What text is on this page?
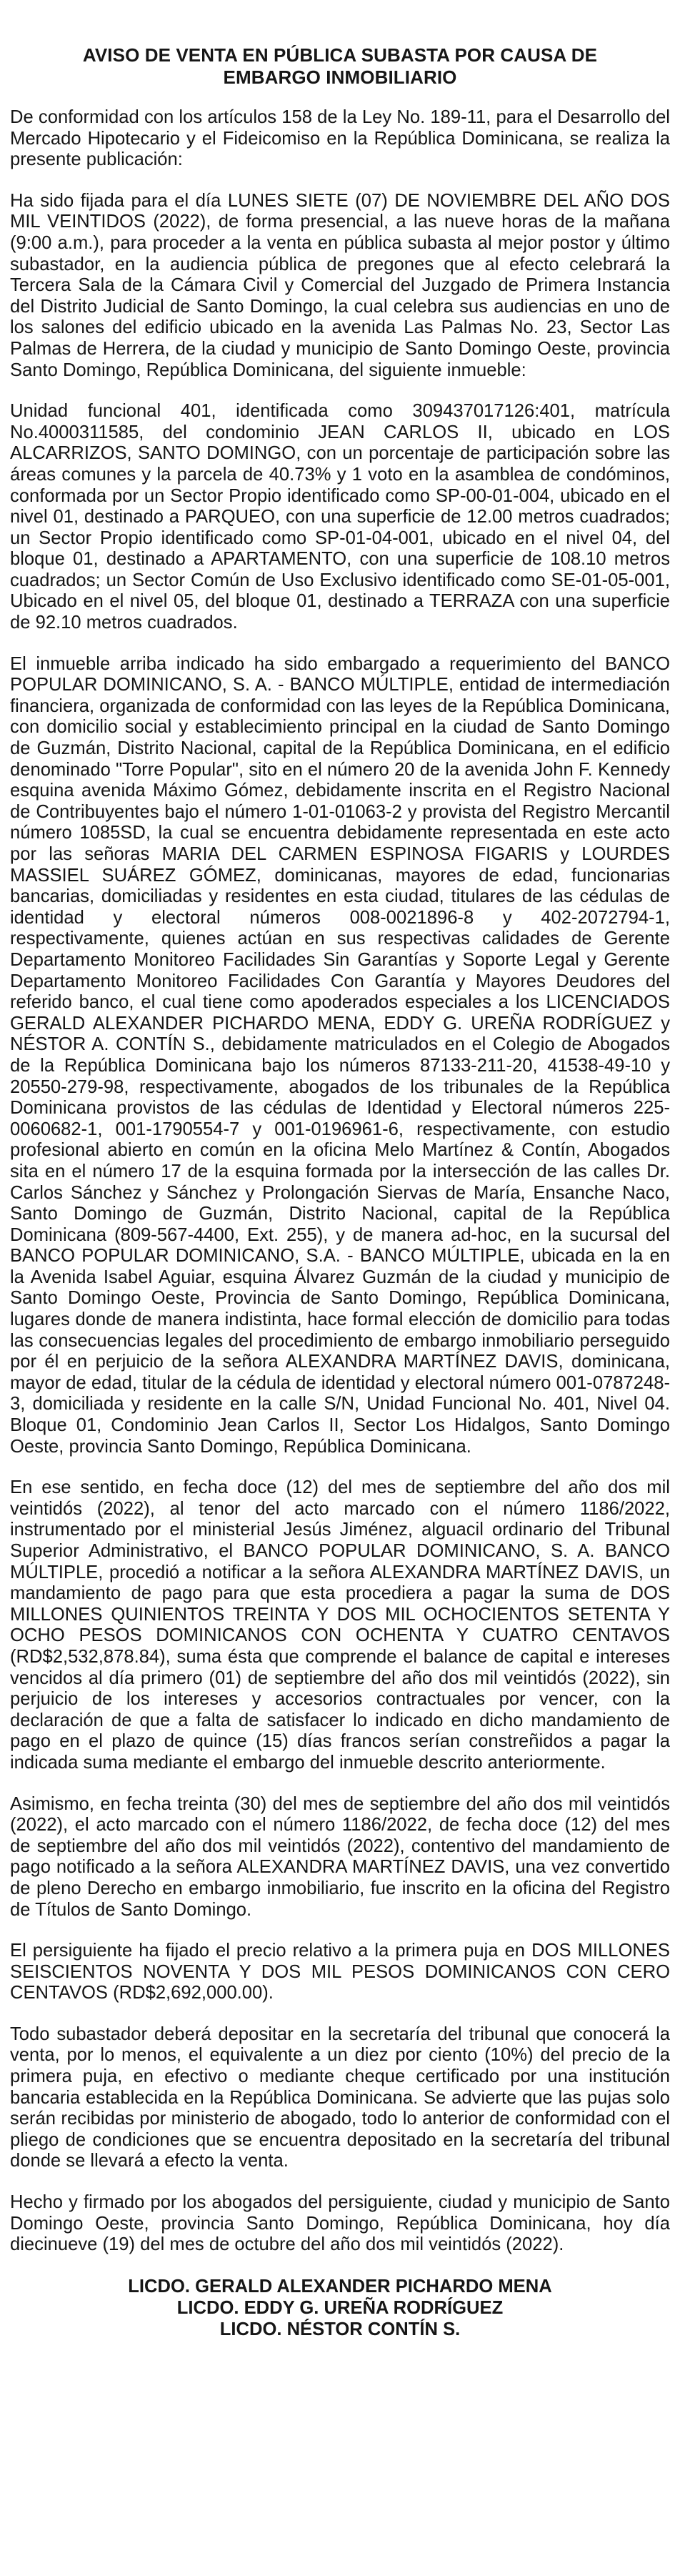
AVISO DE VENTA EN PÚBLICA SUBASTA POR CAUSA DE
EMBARGO INMOBILIARIO

De conformidad con los artículos 158 de la Ley No. 189-11, para el Desarrollo del Mercado Hipotecario y el Fideicomiso en la República Dominicana, se realiza la presente publicación:

Ha sido fijada para el día LUNES SIETE (07) DE NOVIEMBRE DEL AÑO DOS MIL VEINTIDOS (2022), de forma presencial, a las nueve horas de la mañana (9:00 a.m.), para proceder a la venta en pública subasta al mejor postor y último subastador, en la audiencia pública de pregones que al efecto celebrará la Tercera Sala de la Cámara Civil y Comercial del Juzgado de Primera Instancia del Distrito Judicial de Santo Domingo, la cual celebra sus audiencias en uno de los salones del edificio ubicado en la avenida Las Palmas No. 23, Sector Las Palmas de Herrera, de la ciudad y municipio de Santo Domingo Oeste, provincia Santo Domingo, República Dominicana, del siguiente inmueble:

Unidad funcional 401, identificada como 309437017126:401, matrícula No.4000311585, del condominio JEAN CARLOS II, ubicado en LOS ALCARRIZOS, SANTO DOMINGO, con un porcentaje de participación sobre las áreas comunes y la parcela de 40.73% y 1 voto en la asamblea de condóminos, conformada por un Sector Propio identificado como SP-00-01-004, ubicado en el nivel 01, destinado a PARQUEO, con una superficie de 12.00 metros cuadrados; un Sector Propio identificado como SP-01-04-001, ubicado en el nivel 04, del bloque 01, destinado a APARTAMENTO, con una superficie de 108.10 metros cuadrados; un Sector Común de Uso Exclusivo identificado como SE-01-05-001, Ubicado en el nivel 05, del bloque 01, destinado a TERRAZA con una superficie de 92.10 metros cuadrados.

El inmueble arriba indicado ha sido embargado a requerimiento del BANCO POPULAR DOMINICANO, S. A. - BANCO MÚLTIPLE, entidad de intermediación financiera, organizada de conformidad con las leyes de la República Dominicana, con domicilio social y establecimiento principal en la ciudad de Santo Domingo de Guzmán, Distrito Nacional, capital de la República Dominicana, en el edificio denominado "Torre Popular", sito en el número 20 de la avenida John F. Kennedy esquina avenida Máximo Gómez, debidamente inscrita en el Registro Nacional de Contribuyentes bajo el número 1-01-01063-2 y provista del Registro Mercantil número 1085SD, la cual se encuentra debidamente representada en este acto por las señoras MARIA DEL CARMEN ESPINOSA FIGARIS y LOURDES MASSIEL SUÁREZ GÓMEZ, dominicanas, mayores de edad, funcionarias bancarias, domiciliadas y residentes en esta ciudad, titulares de las cédulas de identidad y electoral números 008-0021896-8 y 402-2072794-1, respectivamente, quienes actúan en sus respectivas calidades de Gerente Departamento Monitoreo Facilidades Sin Garantías y Soporte Legal y Gerente Departamento Monitoreo Facilidades Con Garantía y Mayores Deudores del referido banco, el cual tiene como apoderados especiales a los LICENCIADOS GERALD ALEXANDER PICHARDO MENA, EDDY G. UREÑA RODRÍGUEZ y NÉSTOR A. CONTÍN S., debidamente matriculados en el Colegio de Abogados de la República Dominicana bajo los números 87133-211-20, 41538-49-10 y 20550-279-98, respectivamente, abogados de los tribunales de la República Dominicana provistos de las cédulas de Identidad y Electoral números 225-0060682-1, 001-1790554-7 y 001-0196961-6, respectivamente, con estudio profesional abierto en común en la oficina Melo Martínez & Contín, Abogados sita en el número 17 de la esquina formada por la intersección de las calles Dr. Carlos Sánchez y Sánchez y Prolongación Siervas de María, Ensanche Naco, Santo Domingo de Guzmán, Distrito Nacional, capital de la República Dominicana (809-567-4400, Ext. 255), y de manera ad-hoc, en la sucursal del BANCO POPULAR DOMINICANO, S.A. - BANCO MÚLTIPLE, ubicada en la en la Avenida Isabel Aguiar, esquina Álvarez Guzmán de la ciudad y municipio de Santo Domingo Oeste, Provincia de Santo Domingo, República Dominicana, lugares donde de manera indistinta, hace formal elección de domicilio para todas las consecuencias legales del procedimiento de embargo inmobiliario perseguido por él en perjuicio de la señora ALEXANDRA MARTÍNEZ DAVIS, dominicana, mayor de edad, titular de la cédula de identidad y electoral número 001-0787248-3, domiciliada y residente en la calle S/N, Unidad Funcional No. 401, Nivel 04. Bloque 01, Condominio Jean Carlos II, Sector Los Hidalgos, Santo Domingo Oeste, provincia Santo Domingo, República Dominicana.

En ese sentido, en fecha doce (12) del mes de septiembre del año dos mil veintidós (2022), al tenor del acto marcado con el número 1186/2022, instrumentado por el ministerial Jesús Jiménez, alguacil ordinario del Tribunal Superior Administrativo, el BANCO POPULAR DOMINICANO, S. A. BANCO MÚLTIPLE, procedió a notificar a la señora ALEXANDRA MARTÍNEZ DAVIS, un mandamiento de pago para que esta procediera a pagar la suma de DOS MILLONES QUINIENTOS TREINTA Y DOS MIL OCHOCIENTOS SETENTA Y OCHO PESOS DOMINICANOS CON OCHENTA Y CUATRO CENTAVOS (RD$2,532,878.84), suma ésta que comprende el balance de capital e intereses vencidos al día primero (01) de septiembre del año dos mil veintidós (2022), sin perjuicio de los intereses y accesorios contractuales por vencer, con la declaración de que a falta de satisfacer lo indicado en dicho mandamiento de pago en el plazo de quince (15) días francos serían constreñidos a pagar la indicada suma mediante el embargo del inmueble descrito anteriormente.

Asimismo, en fecha treinta (30) del mes de septiembre del año dos mil veintidós (2022), el acto marcado con el número 1186/2022, de fecha doce (12) del mes de septiembre del año dos mil veintidós (2022), contentivo del mandamiento de pago notificado a la señora ALEXANDRA MARTÍNEZ DAVIS, una vez convertido de pleno Derecho en embargo inmobiliario, fue inscrito en la oficina del Registro de Títulos de Santo Domingo.

El persiguiente ha fijado el precio relativo a la primera puja en DOS MILLONES SEISCIENTOS NOVENTA Y DOS MIL PESOS DOMINICANOS CON CERO CENTAVOS (RD$2,692,000.00).

Todo subastador deberá depositar en la secretaría del tribunal que conocerá la venta, por lo menos, el equivalente a un diez por ciento (10%) del precio de la primera puja, en efectivo o mediante cheque certificado por una institución bancaria establecida en la República Dominicana. Se advierte que las pujas solo serán recibidas por ministerio de abogado, todo lo anterior de conformidad con el pliego de condiciones que se encuentra depositado en la secretaría del tribunal donde se llevará a efecto la venta.

Hecho y firmado por los abogados del persiguiente, ciudad y municipio de Santo Domingo Oeste, provincia Santo Domingo, República Dominicana, hoy día diecinueve (19) del mes de octubre del año dos mil veintidós (2022).

LICDO. GERALD ALEXANDER PICHARDO MENA
LICDO. EDDY G. UREÑA RODRÍGUEZ
LICDO. NÉSTOR CONTÍN S.
